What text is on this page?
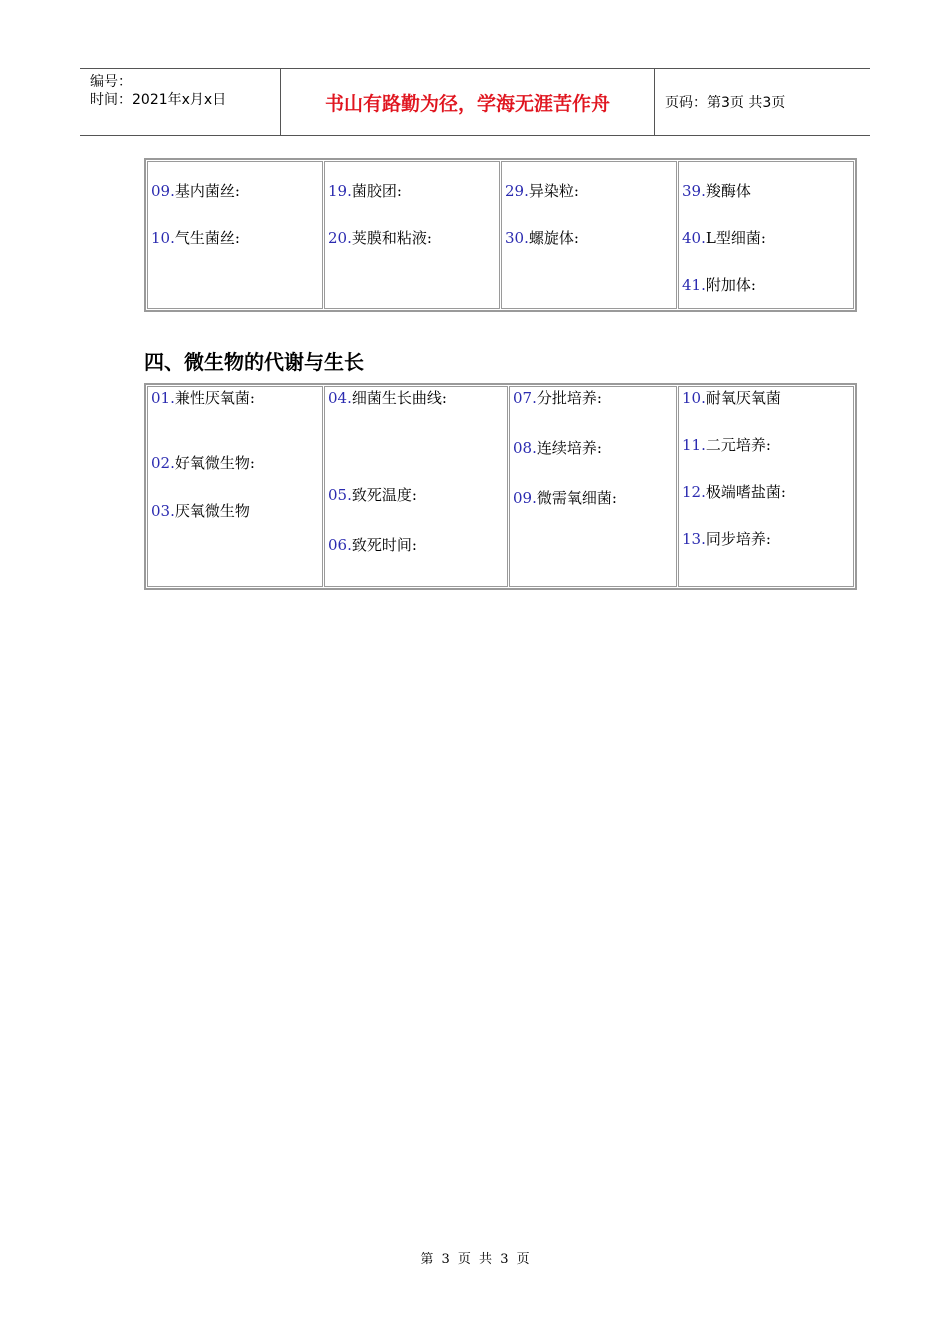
编号：
时间：2021年x月x日	书山有路勤为径，学海无涯苦作舟	页码：第3页 共3页
09.基内菌丝:
10.气生菌丝:

19.菌胶团:
20.荚膜和粘液:

29.异染粒:
30.螺旋体:

39.羧酶体
40.L型细菌:
41.附加体:
四、微生物的代谢与生长
01.兼性厌氧菌:
02.好氧微生物:
03.厌氧微生物

04.细菌生长曲线:
05.致死温度:
06.致死时间:

07.分批培养:
08.连续培养:
09.微需氧细菌:

10.耐氧厌氧菌
11.二元培养:
12.极端嗜盐菌:
13.同步培养:
第 3 页 共 3 页
